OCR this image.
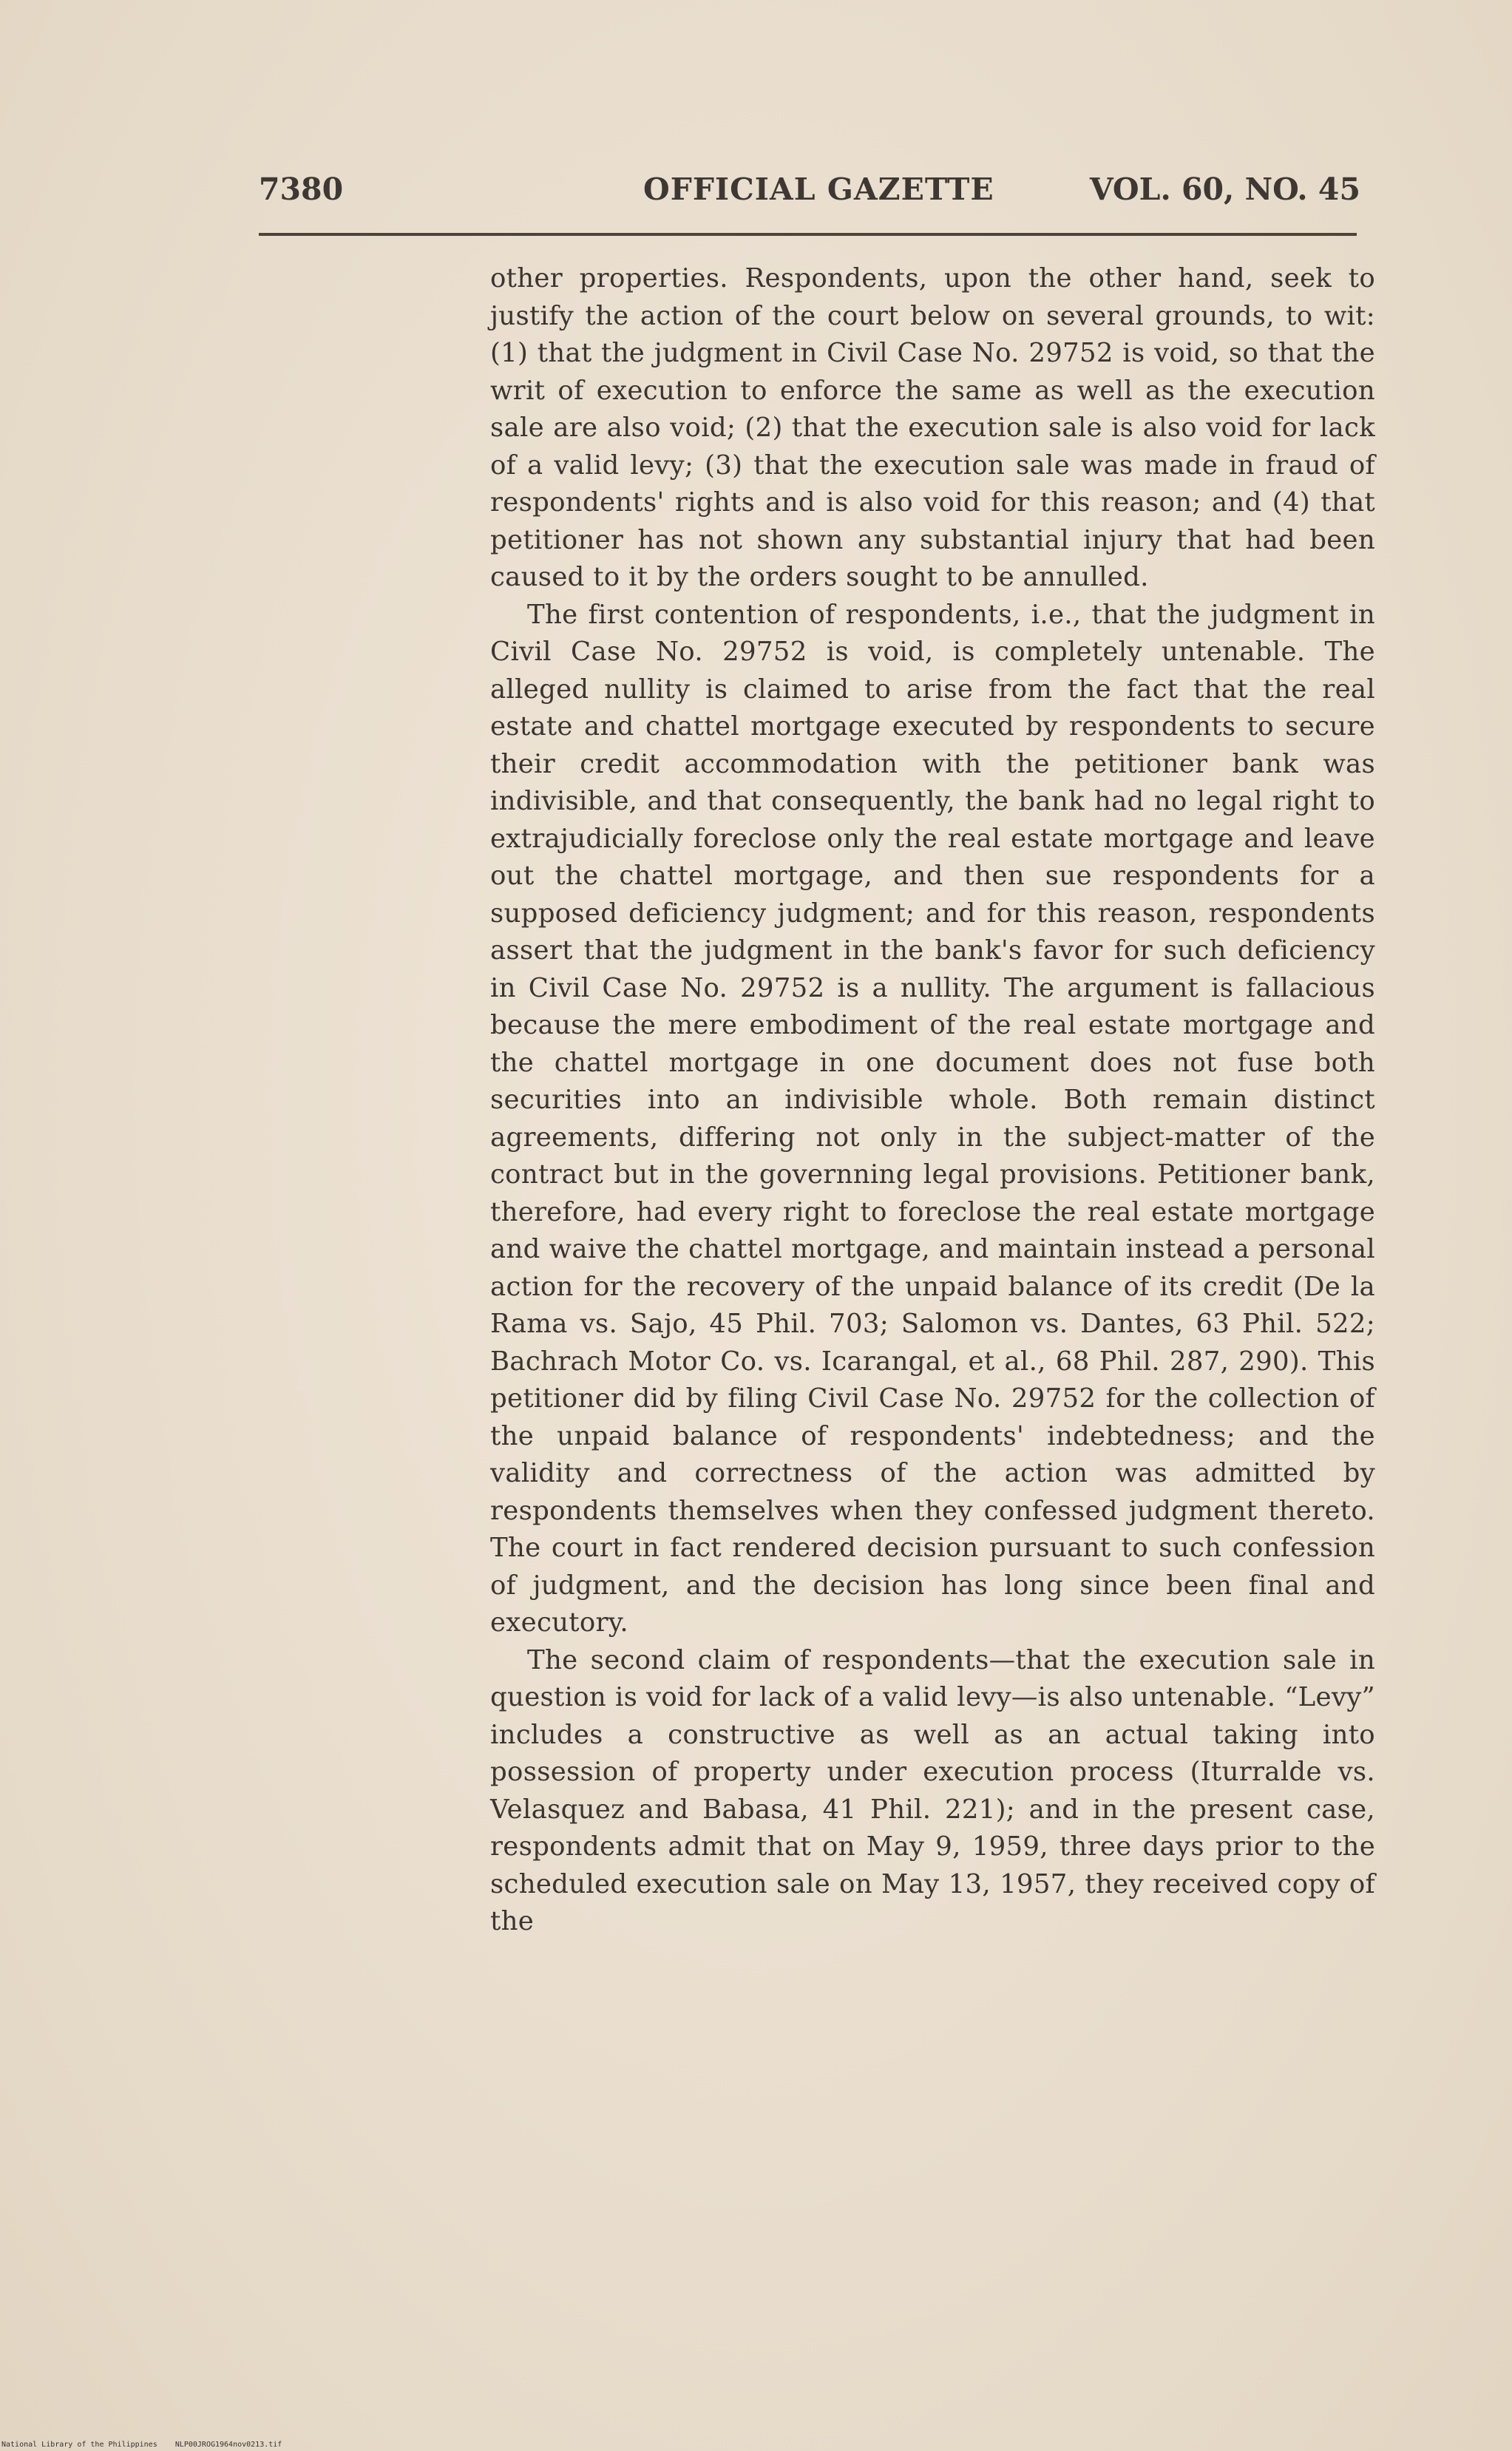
7380	OFFICIAL GAZETTE	VOL. 60, NO. 45

other properties. Respondents, upon the other hand, seek to justify the action of the court below on several grounds, to wit: (1) that the judgment in Civil Case No. 29752 is void, so that the writ of execution to enforce the same as well as the execution sale are also void; (2) that the execution sale is also void for lack of a valid levy; (3) that the execution sale was made in fraud of respondents' rights and is also void for this reason; and (4) that petitioner has not shown any substantial injury that had been caused to it by the orders sought to be annulled.

The first contention of respondents, i.e., that the judgment in Civil Case No. 29752 is void, is completely untenable. The alleged nullity is claimed to arise from the fact that the real estate and chattel mortgage executed by respondents to secure their credit accommodation with the petitioner bank was indivisible, and that consequently, the bank had no legal right to extrajudicially foreclose only the real estate mortgage and leave out the chattel mortgage, and then sue respondents for a supposed deficiency judgment; and for this reason, respondents assert that the judgment in the bank's favor for such deficiency in Civil Case No. 29752 is a nullity. The argument is fallacious because the mere embodiment of the real estate mortgage and the chattel mortgage in one document does not fuse both securities into an indivisible whole. Both remain distinct agreements, differing not only in the subject-matter of the contract but in the governning legal provisions. Petitioner bank, therefore, had every right to foreclose the real estate mortgage and waive the chattel mortgage, and maintain instead a personal action for the recovery of the unpaid balance of its credit (De la Rama vs. Sajo, 45 Phil. 703; Salomon vs. Dantes, 63 Phil. 522; Bachrach Motor Co. vs. Icarangal, et al., 68 Phil. 287, 290). This petitioner did by filing Civil Case No. 29752 for the collection of the unpaid balance of respondents' indebtedness; and the validity and correctness of the action was admitted by respondents themselves when they confessed judgment thereto. The court in fact rendered decision pursuant to such confession of judgment, and the decision has long since been final and executory.

The second claim of respondents—that the execution sale in question is void for lack of a valid levy—is also untenable. “Levy” includes a constructive as well as an actual taking into possession of property under execution process (Iturralde vs. Velasquez and Babasa, 41 Phil. 221); and in the present case, respondents admit that on May 9, 1959, three days prior to the scheduled execution sale on May 13, 1957, they received copy of the

National Library of the Philippines NLP00JROG1964nov0213.tif
